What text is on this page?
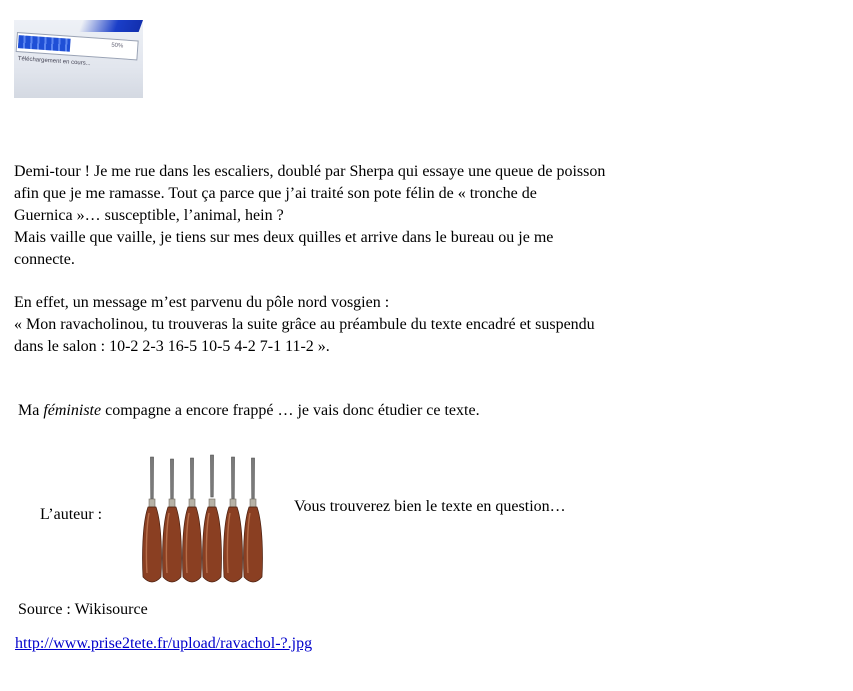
50%
Téléchargement en cours...
Demi-tour ! Je me rue dans les escaliers, doublé par Sherpa qui essaye une queue de poisson
afin que je me ramasse. Tout ça parce que j’ai traité son pote félin de « tronche de
Guernica »… susceptible, l’animal, hein ?
Mais vaille que vaille, je tiens sur mes deux quilles et arrive dans le bureau ou je me
connecte.
En effet, un message m’est parvenu du pôle nord vosgien :
« Mon ravacholinou, tu trouveras la suite grâce au préambule du texte encadré et suspendu
dans le salon : 10-2 2-3 16-5 10-5 4-2 7-1 11-2 ».
Ma féministe compagne a encore frappé … je vais donc étudier ce texte.
L’auteur :	Vous trouverez bien le texte en question…
Source : Wikisource
http://www.prise2tete.fr/upload/ravachol-?.jpg
